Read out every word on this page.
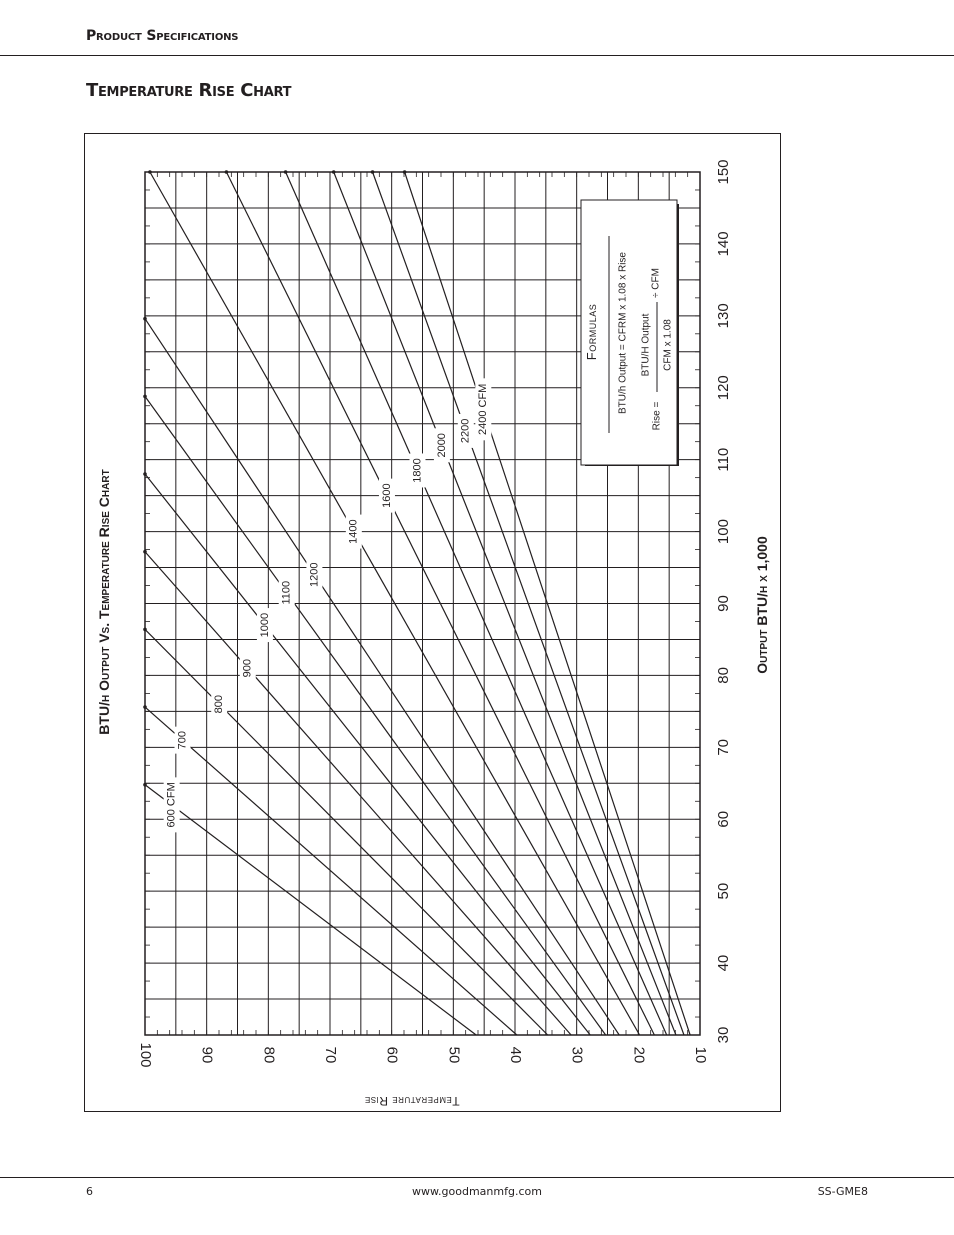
Product Specifications
Temperature Rise Chart
30
40
50
60
70
80
90
100
110
120
130
140
150
100	90	80	70	60	50	40	30	20	10
Output BTU/h x 1,000
Temperature Rise
BTU/h Output Vs. Temperature Rise Chart
600 CFM
700
800
900
1000
1100
1200
1400
1600
1800
2000
2200 2400 CFM
Formulas BTU/h Output = CFRM x 1.08 x Rise
Rise =
BTU/H Output CFM x 1.08
÷ CFM
6	www.goodmanmfg.com	SS-GME8
